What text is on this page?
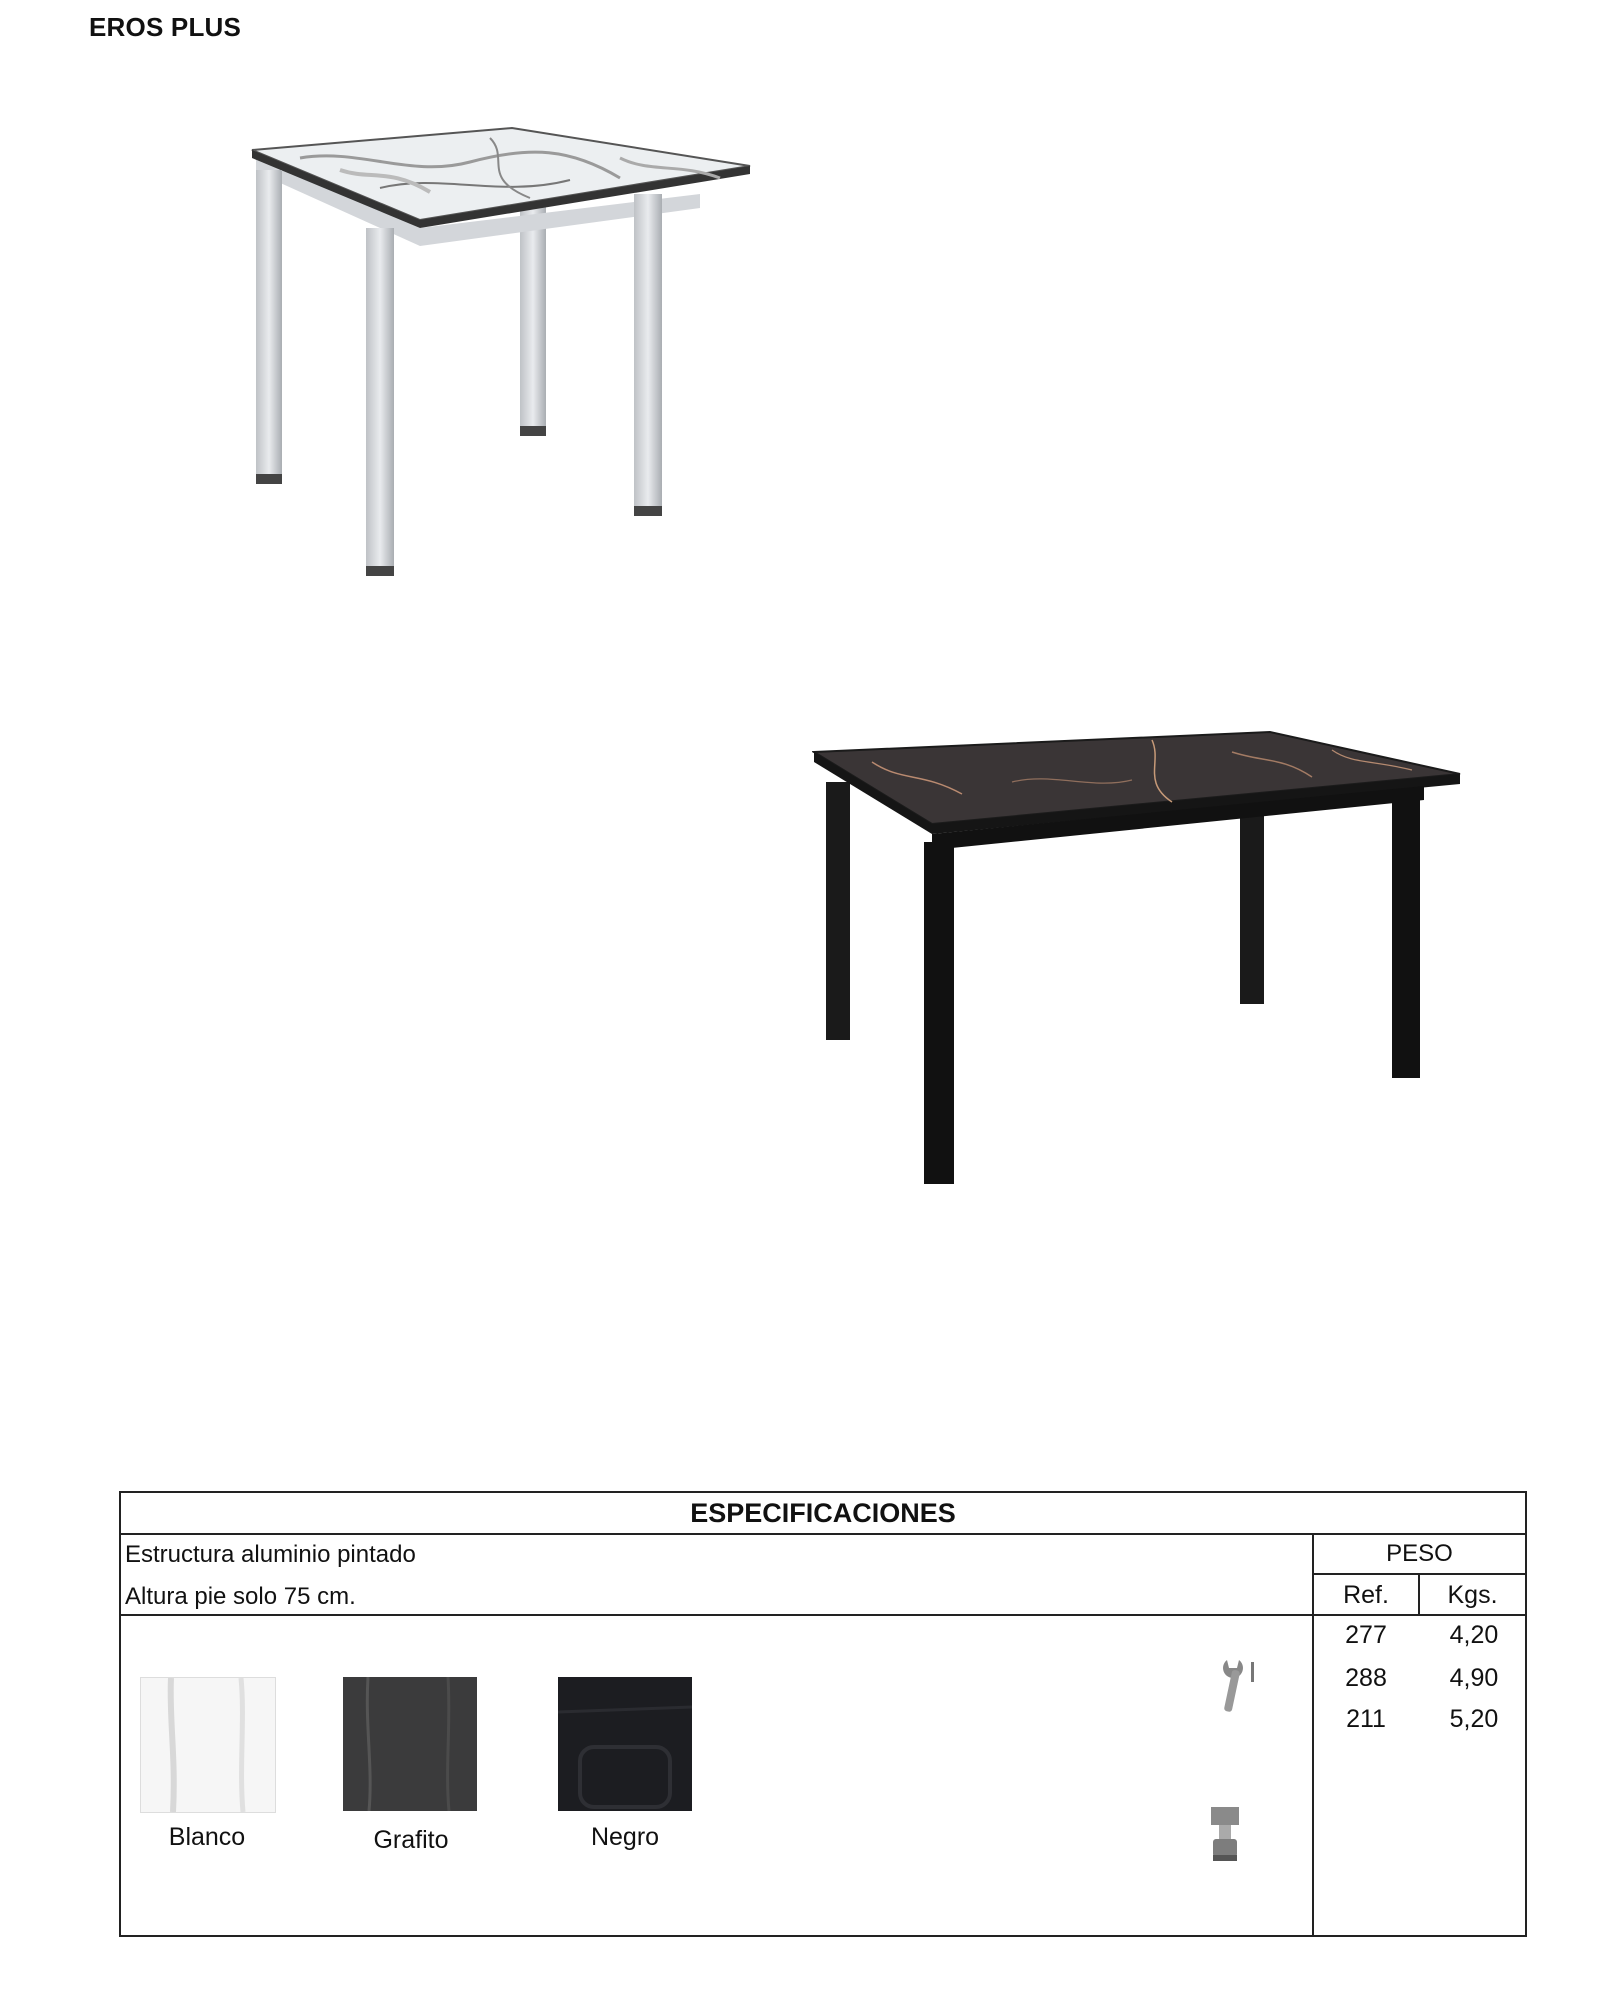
EROS PLUS
ESPECIFICACIONES
Estructura aluminio pintado
Altura pie solo 75 cm.
PESO
Ref.	Kgs.
277	4,20
288	4,90
211	5,20
Blanco	Grafito	Negro
